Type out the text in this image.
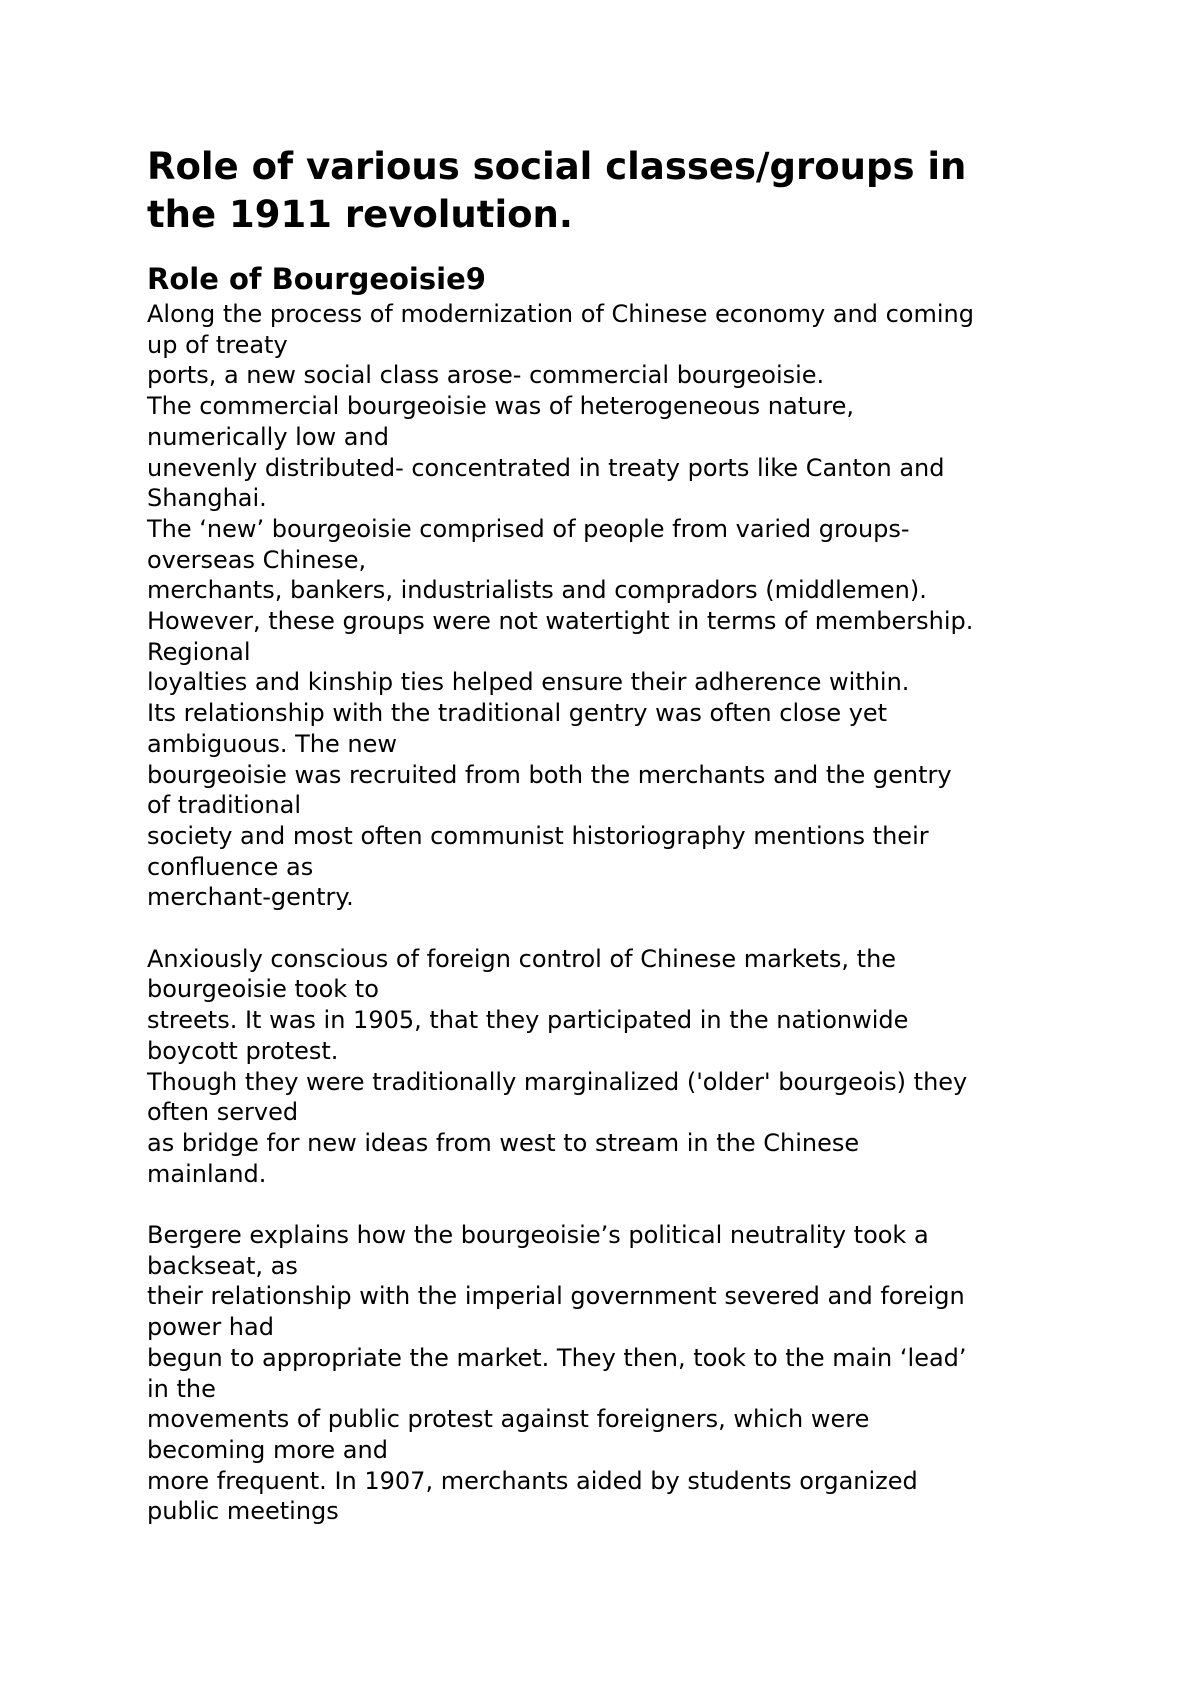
Role of various social classes/groups in
the 1911 revolution.
Role of Bourgeoisie9
Along the process of modernization of Chinese economy and coming
up of treaty
ports, a new social class arose- commercial bourgeoisie.
The commercial bourgeoisie was of heterogeneous nature,
numerically low and
unevenly distributed- concentrated in treaty ports like Canton and
Shanghai.
The ‘new’ bourgeoisie comprised of people from varied groups-
overseas Chinese,
merchants, bankers, industrialists and compradors (middlemen).
However, these groups were not watertight in terms of membership.
Regional
loyalties and kinship ties helped ensure their adherence within.
Its relationship with the traditional gentry was often close yet
ambiguous. The new
bourgeoisie was recruited from both the merchants and the gentry
of traditional
society and most often communist historiography mentions their
confluence as
merchant-gentry.
Anxiously conscious of foreign control of Chinese markets, the
bourgeoisie took to
streets. It was in 1905, that they participated in the nationwide
boycott protest.
Though they were traditionally marginalized ('older' bourgeois) they
often served
as bridge for new ideas from west to stream in the Chinese
mainland.
Bergere explains how the bourgeoisie’s political neutrality took a
backseat, as
their relationship with the imperial government severed and foreign
power had
begun to appropriate the market. They then, took to the main ‘lead’
in the
movements of public protest against foreigners, which were
becoming more and
more frequent. In 1907, merchants aided by students organized
public meetings
